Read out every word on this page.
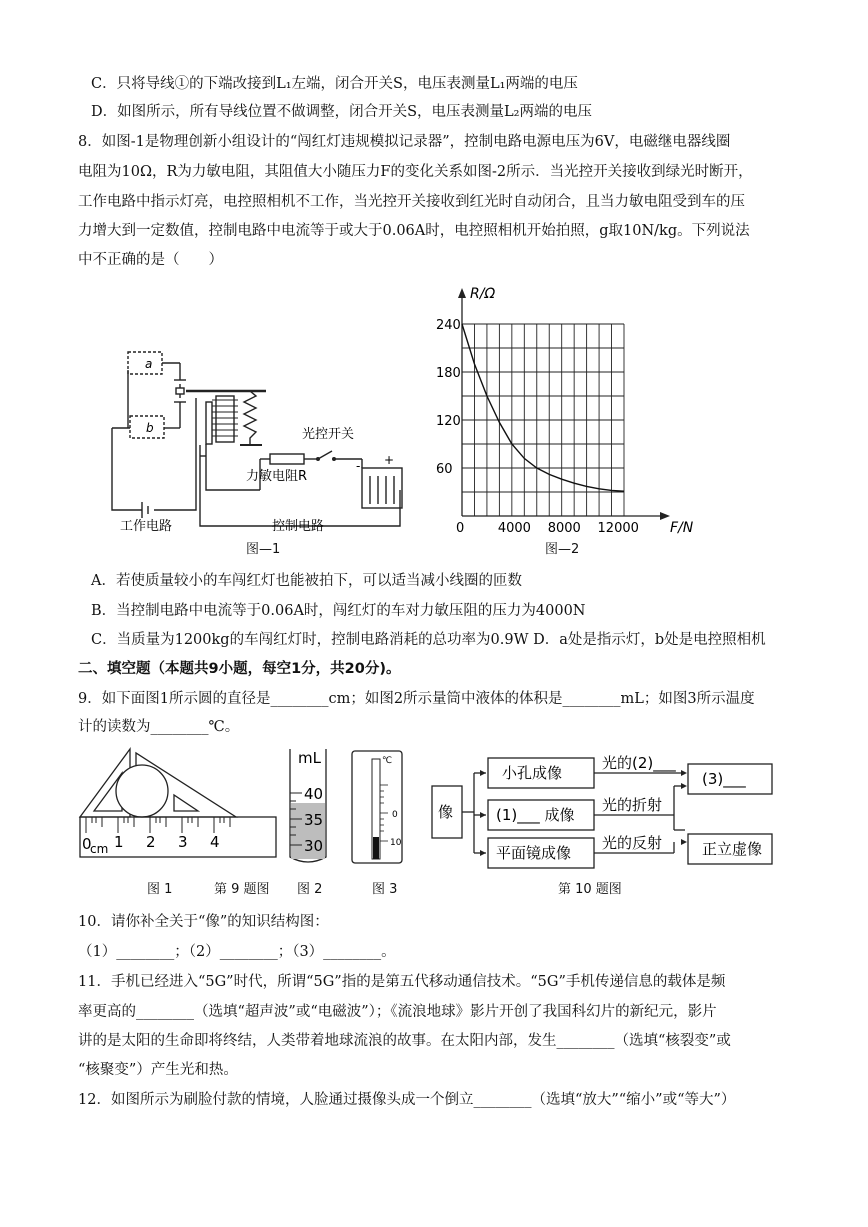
C．只将导线①的下端改接到L₁左端，闭合开关S，电压表测量L₁两端的电压
D．如图所示，所有导线位置不做调整，闭合开关S，电压表测量L₂两端的电压
8．如图-1是物理创新小组设计的“闯红灯违规模拟记录器”，控制电路电源电压为6V，电磁继电器线圈
电阻为10Ω，R为力敏电阻，其阻值大小随压力F的变化关系如图-2所示．当光控开关接收到绿光时断开，
工作电路中指示灯亮，电控照相机不工作，当光控开关接收到红光时自动闭合，且当力敏电阻受到车的压
力增大到一定数值，控制电路中电流等于或大于0.06A时，电控照相机开始拍照，g取10N/kg。下列说法
中不正确的是（　　）
a
b	光控开关
力敏电阻R
- +
工作电路	控制电路
图—1
60
120
180
240
0	4000 8000 12000
R/Ω
F/N
图—2
A．若使质量较小的车闯红灯也能被拍下，可以适当减小线圈的匝数
B．当控制电路中电流等于0.06A时，闯红灯的车对力敏压阻的压力为4000N
C．当质量为1200kg的车闯红灯时，控制电路消耗的总功率为0.9W D．a处是指示灯，b处是电控照相机
二、填空题（本题共9小题，每空1分，共20分)。
9．如下面图1所示圆的直径是________cm；如图2所示量筒中液体的体积是________mL；如图3所示温度
计的读数为________℃。
0
cm 1 2 3 4
mL
40
35
30
℃
0
10
图 1	第 9 题图 图 2	图 3
像
小孔成像
(1)___ 成像
平面镜成像
光的(2)___
光的折射
光的反射
(3)___
正立虚像
第 10 题图
10．请你补全关于“像”的知识结构图：
（1）________；（2）________；（3）________。
11．手机已经进入“5G”时代，所谓“5G”指的是第五代移动通信技术。“5G”手机传递信息的载体是频
率更高的________（选填“超声波”或“电磁波”）；《流浪地球》影片开创了我国科幻片的新纪元，影片
讲的是太阳的生命即将终结，人类带着地球流浪的故事。在太阳内部，发生________（选填“核裂变”或
“核聚变”）产生光和热。
12．如图所示为刷脸付款的情境，人脸通过摄像头成一个倒立________（选填“放大”“缩小”或“等大”）
